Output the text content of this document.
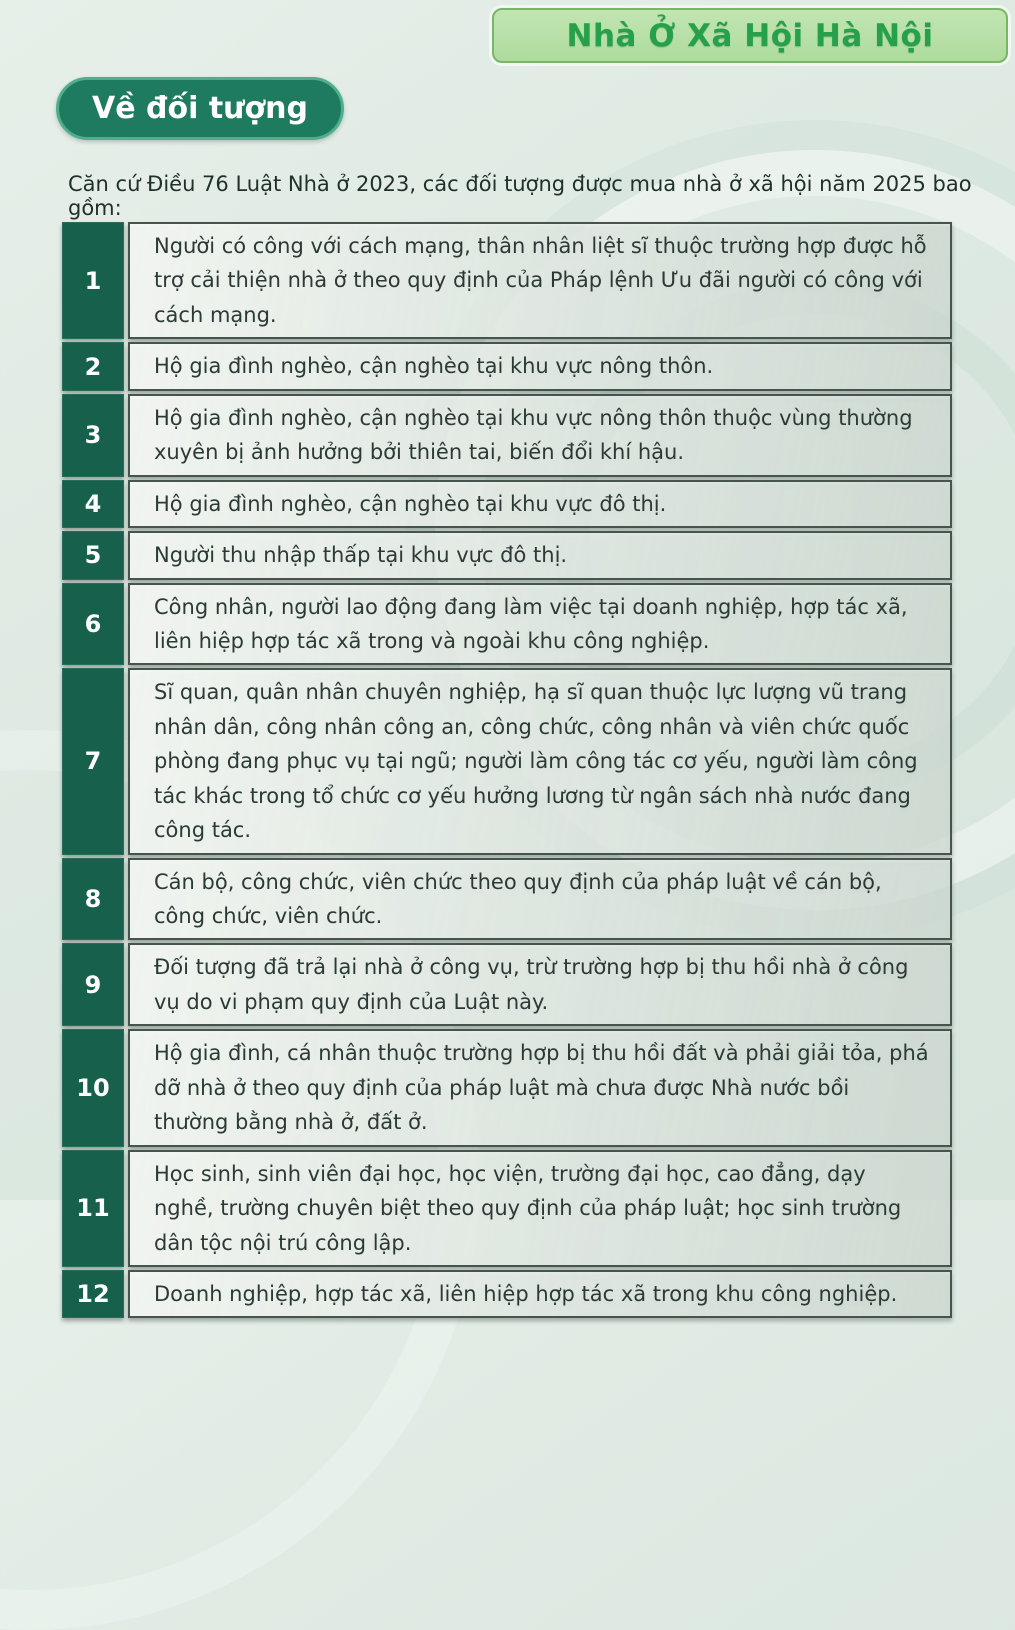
Nhà Ở Xã Hội Hà Nội
Về đối tượng

Căn cứ Điều 76 Luật Nhà ở 2023, các đối tượng được mua nhà ở xã hội năm 2025 bao gồm:

1
Người có công với cách mạng, thân nhân liệt sĩ thuộc trường hợp được hỗ trợ cải thiện nhà ở theo quy định của Pháp lệnh Ưu đãi người có công với cách mạng.
2	Hộ gia đình nghèo, cận nghèo tại khu vực nông thôn.
3
Hộ gia đình nghèo, cận nghèo tại khu vực nông thôn thuộc vùng thường xuyên bị ảnh hưởng bởi thiên tai, biến đổi khí hậu.
4	Hộ gia đình nghèo, cận nghèo tại khu vực đô thị.
5	Người thu nhập thấp tại khu vực đô thị.
6
Công nhân, người lao động đang làm việc tại doanh nghiệp, hợp tác xã, liên hiệp hợp tác xã trong và ngoài khu công nghiệp.
7
Sĩ quan, quân nhân chuyên nghiệp, hạ sĩ quan thuộc lực lượng vũ trang nhân dân, công nhân công an, công chức, công nhân và viên chức quốc phòng đang phục vụ tại ngũ; người làm công tác cơ yếu, người làm công tác khác trong tổ chức cơ yếu hưởng lương từ ngân sách nhà nước đang công tác.
8
Cán bộ, công chức, viên chức theo quy định của pháp luật về cán bộ, công chức, viên chức.
9
Đối tượng đã trả lại nhà ở công vụ, trừ trường hợp bị thu hồi nhà ở công vụ do vi phạm quy định của Luật này.
10
Hộ gia đình, cá nhân thuộc trường hợp bị thu hồi đất và phải giải tỏa, phá dỡ nhà ở theo quy định của pháp luật mà chưa được Nhà nước bồi thường bằng nhà ở, đất ở.
11
Học sinh, sinh viên đại học, học viện, trường đại học, cao đẳng, dạy nghề, trường chuyên biệt theo quy định của pháp luật; học sinh trường dân tộc nội trú công lập.
12 Doanh nghiệp, hợp tác xã, liên hiệp hợp tác xã trong khu công nghiệp.
